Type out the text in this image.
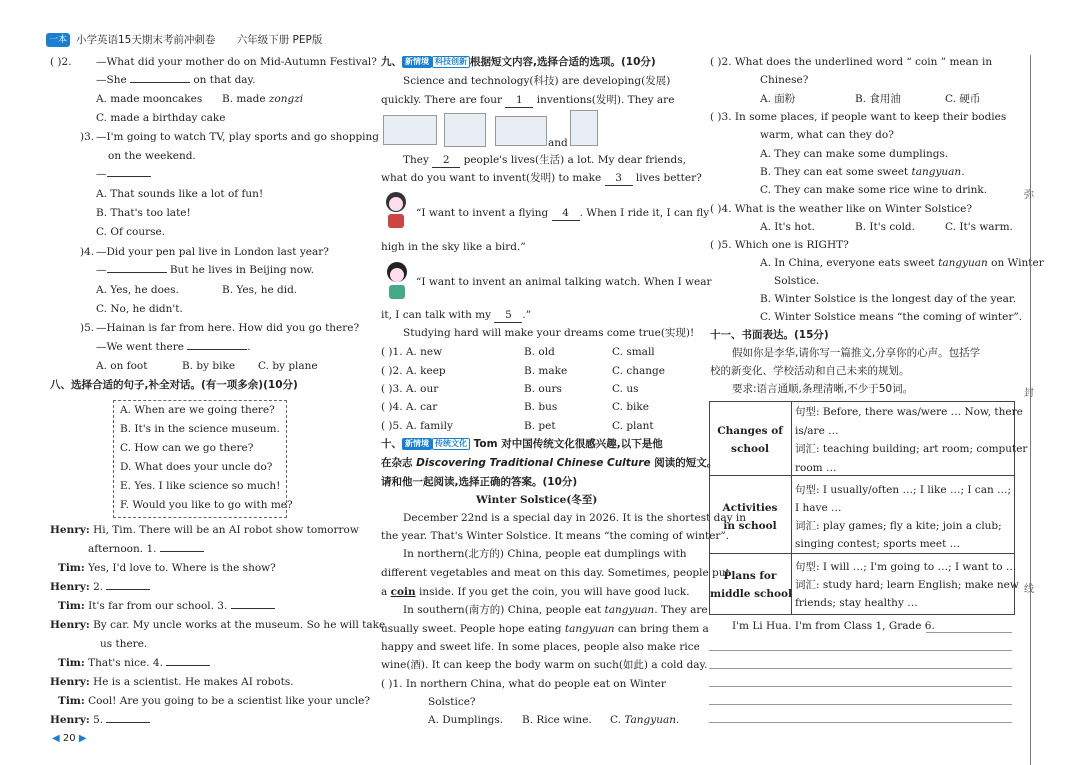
一本 小学英语15天期末考前冲刺卷 六年级下册 PEP版
( )2. —What did your mother do on Mid-Autumn Festival?
—She	on that day.
A. made mooncakes B. made zongzi
C. made a birthday cake
)3. —I'm going to watch TV, play sports and go shopping
on the weekend.
—
A. That sounds like a lot of fun!
B. That's too late!
C. Of course.
)4. —Did your pen pal live in London last year?
—	But he lives in Beijing now.
A. Yes, he does.	B. Yes, he did.
C. No, he didn't.
)5. —Hainan is far from here. How did you go there?
—We went there	.
A. on foot	B. by bike C. by plane
八、选择合适的句子,补全对话。(有一项多余)(10分)
A. When are we going there?
B. It's in the science museum.
C. How can we go there?
D. What does your uncle do?
E. Yes. I like science so much!
F. Would you like to go with me?
Henry: Hi, Tim. There will be an AI robot show tomorrow
afternoon. 1.
Tim: Yes, I'd love to. Where is the show?
Henry: 2.
Tim: It's far from our school. 3.
Henry: By car. My uncle works at the museum. So he will take
us there.
Tim: That's nice. 4.
Henry: He is a scientist. He makes AI robots.
Tim: Cool! Are you going to be a scientist like your uncle?
Henry: 5.
◀ 20 ▶
九、 新情境 科技创新 根据短文内容,选择合适的选项。(10分)
Science and technology(科技) are developing(发展)
quickly. There are four 1 inventions(发明). They are
and
They 2 people's lives(生活) a lot. My dear friends,
what do you want to invent(发明) to make 3 lives better?
“I want to invent a flying 4 . When I ride it, I can fly
high in the sky like a bird.”
“I want to invent an animal talking watch. When I wear
it, I can talk with my 5 .”
Studying hard will make your dreams come true(实现)!
( )1. A. new	B. old	C. small
( )2. A. keep	B. make	C. change
( )3. A. our	B. ours	C. us
( )4. A. car	B. bus	C. bike
( )5. A. family	B. pet	C. plant
十、 新情境 传统文化 Tom 对中国传统文化很感兴趣,以下是他
在杂志 Discovering Traditional Chinese Culture 阅读的短文。
请和他一起阅读,选择正确的答案。(10分)
Winter Solstice(冬至)
December 22nd is a special day in 2026. It is the shortest day in
the year. That's Winter Solstice. It means “the coming of winter”.
In northern(北方的) China, people eat dumplings with
different vegetables and meat on this day. Sometimes, people put
a coin inside. If you get the coin, you will have good luck.
In southern(南方的) China, people eat tangyuan. They are
usually sweet. People hope eating tangyuan can bring them a
happy and sweet life. In some places, people also make rice
wine(酒). It can keep the body warm on such(如此) a cold day.
( )1. In northern China, what do people eat on Winter
Solstice?
A. Dumplings. B. Rice wine. C. Tangyuan.
( )2. What does the underlined word “ coin ” mean in
Chinese?
A. 面粉	B. 食用油	C. 硬币
( )3. In some places, if people want to keep their bodies
warm, what can they do?
A. They can make some dumplings.
B. They can eat some sweet tangyuan.
C. They can make some rice wine to drink.
( )4. What is the weather like on Winter Solstice?
A. It's hot.	B. It's cold.	C. It's warm.
( )5. Which one is RIGHT?
A. In China, everyone eats sweet tangyuan on Winter
Solstice.
B. Winter Solstice is the longest day of the year.
C. Winter Solstice means “the coming of winter”.
十一、书面表达。(15分)
假如你是李华,请你写一篇推文,分享你的心声。包括学
校的新变化、学校活动和自己未来的规划。
要求:语言通顺,条理清晰,不少于50词。
Changes of
school
句型: Before, there was/were … Now, there
is/are …
词汇: teaching building; art room; computer
room …
Activities
in school
句型: I usually/often …; I like …; I can …;
I have …
词汇: play games; fly a kite; join a club;
singing contest; sports meet …
Plans for
middle school
句型: I will …; I'm going to …; I want to …
词汇: study hard; learn English; make new
friends; stay healthy …
I'm Li Hua. I'm from Class 1, Grade 6.
弥
封
线
